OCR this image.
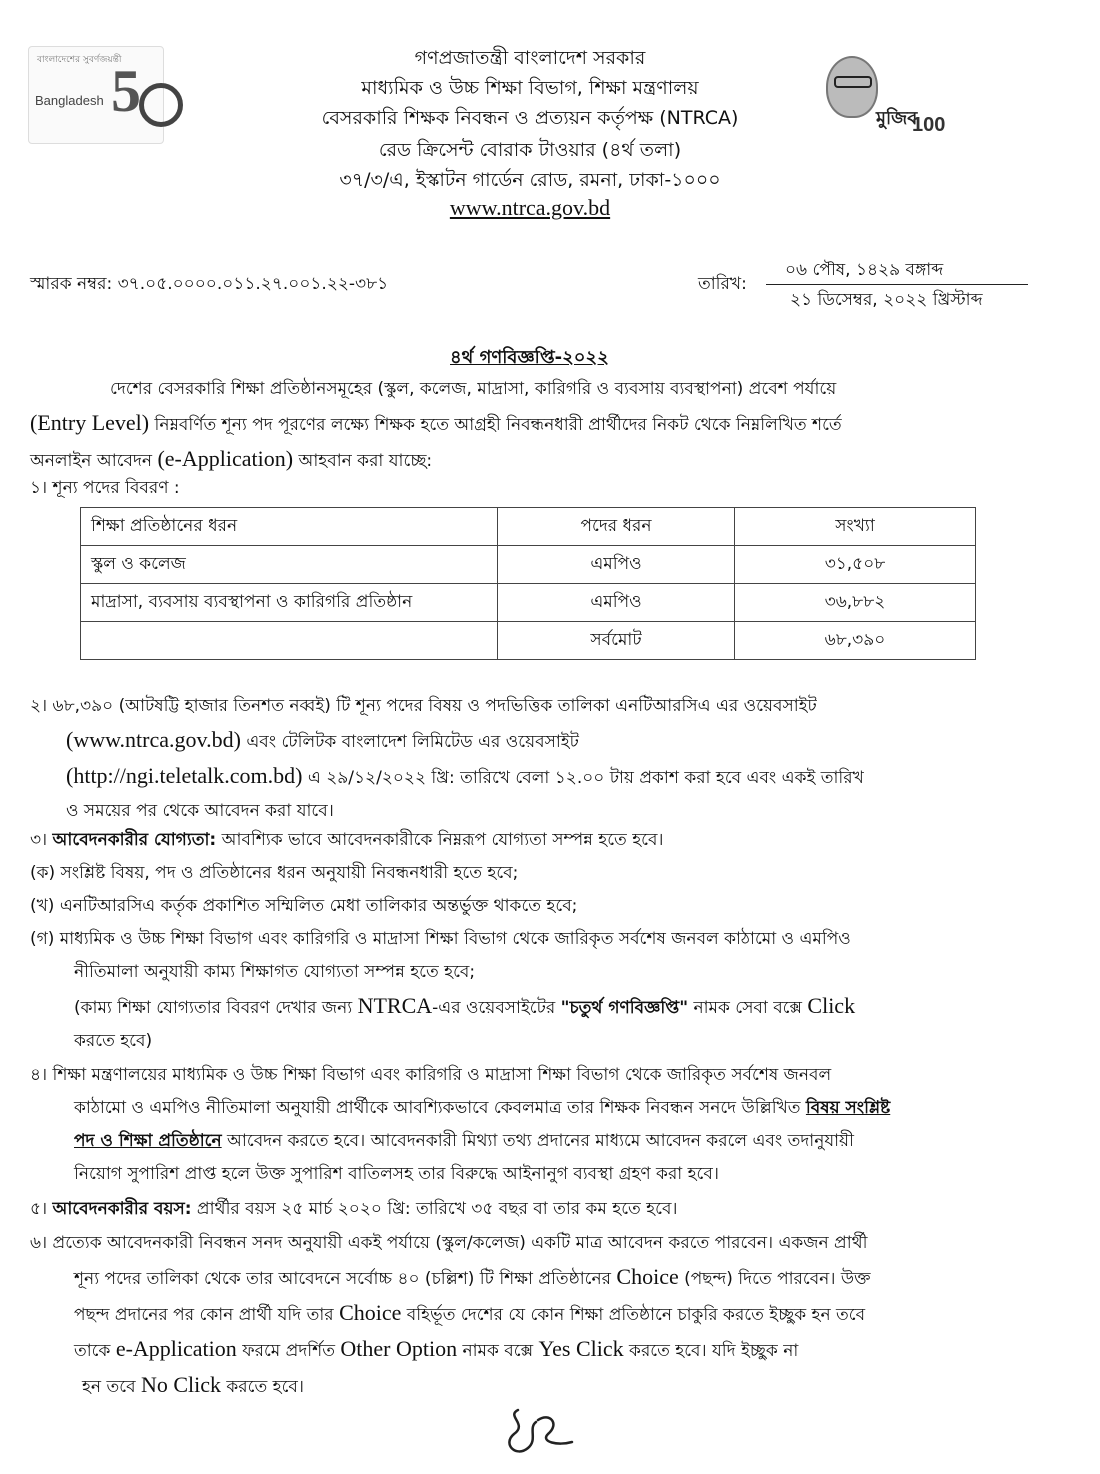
বাংলাদেশের সুবর্ণজয়ন্তী
Bangladesh 5	মুজিব
100
গণপ্রজাতন্ত্রী বাংলাদেশ সরকার
মাধ্যমিক ও উচ্চ শিক্ষা বিভাগ, শিক্ষা মন্ত্রণালয়
বেসরকারি শিক্ষক নিবন্ধন ও প্রত্যয়ন কর্তৃপক্ষ (NTRCA)
রেড ক্রিসেন্ট বোরাক টাওয়ার (৪র্থ তলা)
৩৭/৩/এ, ইস্কাটন গার্ডেন রোড, রমনা, ঢাকা-১০০০
www.ntrca.gov.bd
স্মারক নম্বর: ৩৭.০৫.০০০০.০১১.২৭.০০১.২২-৩৮১	তারিখ:
০৬ পৌষ, ১৪২৯ বঙ্গাব্দ
২১ ডিসেম্বর, ২০২২ খ্রিস্টাব্দ
৪র্থ গণবিজ্ঞপ্তি-২০২২
দেশের বেসরকারি শিক্ষা প্রতিষ্ঠানসমূহের (স্কুল, কলেজ, মাদ্রাসা, কারিগরি ও ব্যবসায় ব্যবস্থাপনা) প্রবেশ পর্যায়ে
(Entry Level) নিম্নবর্ণিত শূন্য পদ পূরণের লক্ষ্যে শিক্ষক হতে আগ্রহী নিবন্ধনধারী প্রার্থীদের নিকট থেকে নিম্নলিখিত শর্তে
অনলাইন আবেদন (e-Application) আহবান করা যাচ্ছে:
১। শূন্য পদের বিবরণ :
শিক্ষা প্রতিষ্ঠানের ধরন	পদের ধরন	সংখ্যা
স্কুল ও কলেজ	এমপিও	৩১,৫০৮
মাদ্রাসা, ব্যবসায় ব্যবস্থাপনা ও কারিগরি প্রতিষ্ঠান	এমপিও	৩৬,৮৮২
	সর্বমোট	৬৮,৩৯০
২। ৬৮,৩৯০ (আটষট্টি হাজার তিনশত নব্বই) টি শূন্য পদের বিষয় ও পদভিত্তিক তালিকা এনটিআরসিএ এর ওয়েবসাইট
(www.ntrca.gov.bd) এবং টেলিটক বাংলাদেশ লিমিটেড এর ওয়েবসাইট
(http://ngi.teletalk.com.bd) এ ২৯/১২/২০২২ খ্রি: তারিখে বেলা ১২.০০ টায় প্রকাশ করা হবে এবং একই তারিখ
ও সময়ের পর থেকে আবেদন করা যাবে।
৩। আবেদনকারীর যোগ্যতা: আবশ্যিক ভাবে আবেদনকারীকে নিম্নরূপ যোগ্যতা সম্পন্ন হতে হবে।
(ক) সংশ্লিষ্ট বিষয়, পদ ও প্রতিষ্ঠানের ধরন অনুযায়ী নিবন্ধনধারী হতে হবে;
(খ) এনটিআরসিএ কর্তৃক প্রকাশিত সম্মিলিত মেধা তালিকার অন্তর্ভুক্ত থাকতে হবে;
(গ) মাধ্যমিক ও উচ্চ শিক্ষা বিভাগ এবং কারিগরি ও মাদ্রাসা শিক্ষা বিভাগ থেকে জারিকৃত সর্বশেষ জনবল কাঠামো ও এমপিও
নীতিমালা অনুযায়ী কাম্য শিক্ষাগত যোগ্যতা সম্পন্ন হতে হবে;
(কাম্য শিক্ষা যোগ্যতার বিবরণ দেখার জন্য NTRCA-এর ওয়েবসাইটের "চতুর্থ গণবিজ্ঞপ্তি" নামক সেবা বক্সে Click
করতে হবে)
৪। শিক্ষা মন্ত্রণালয়ের মাধ্যমিক ও উচ্চ শিক্ষা বিভাগ এবং কারিগরি ও মাদ্রাসা শিক্ষা বিভাগ থেকে জারিকৃত সর্বশেষ জনবল
কাঠামো ও এমপিও নীতিমালা অনুযায়ী প্রার্থীকে আবশ্যিকভাবে কেবলমাত্র তার শিক্ষক নিবন্ধন সনদে উল্লিখিত বিষয় সংশ্লিষ্ট
পদ ও শিক্ষা প্রতিষ্ঠানে আবেদন করতে হবে। আবেদনকারী মিথ্যা তথ্য প্রদানের মাধ্যমে আবেদন করলে এবং তদানুযায়ী
নিয়োগ সুপারিশ প্রাপ্ত হলে উক্ত সুপারিশ বাতিলসহ তার বিরুদ্ধে আইনানুগ ব্যবস্থা গ্রহণ করা হবে।
৫। আবেদনকারীর বয়স: প্রার্থীর বয়স ২৫ মার্চ ২০২০ খ্রি: তারিখে ৩৫ বছর বা তার কম হতে হবে।
৬। প্রত্যেক আবেদনকারী নিবন্ধন সনদ অনুযায়ী একই পর্যায়ে (স্কুল/কলেজ) একটি মাত্র আবেদন করতে পারবেন। একজন প্রার্থী
শূন্য পদের তালিকা থেকে তার আবেদনে সর্বোচ্চ ৪০ (চল্লিশ) টি শিক্ষা প্রতিষ্ঠানের Choice (পছন্দ) দিতে পারবেন। উক্ত
পছন্দ প্রদানের পর কোন প্রার্থী যদি তার Choice বহির্ভূত দেশের যে কোন শিক্ষা প্রতিষ্ঠানে চাকুরি করতে ইচ্ছুক হন তবে
তাকে e-Application ফরমে প্রদর্শিত Other Option নামক বক্সে Yes Click করতে হবে। যদি ইচ্ছুক না
হন তবে No Click করতে হবে।
